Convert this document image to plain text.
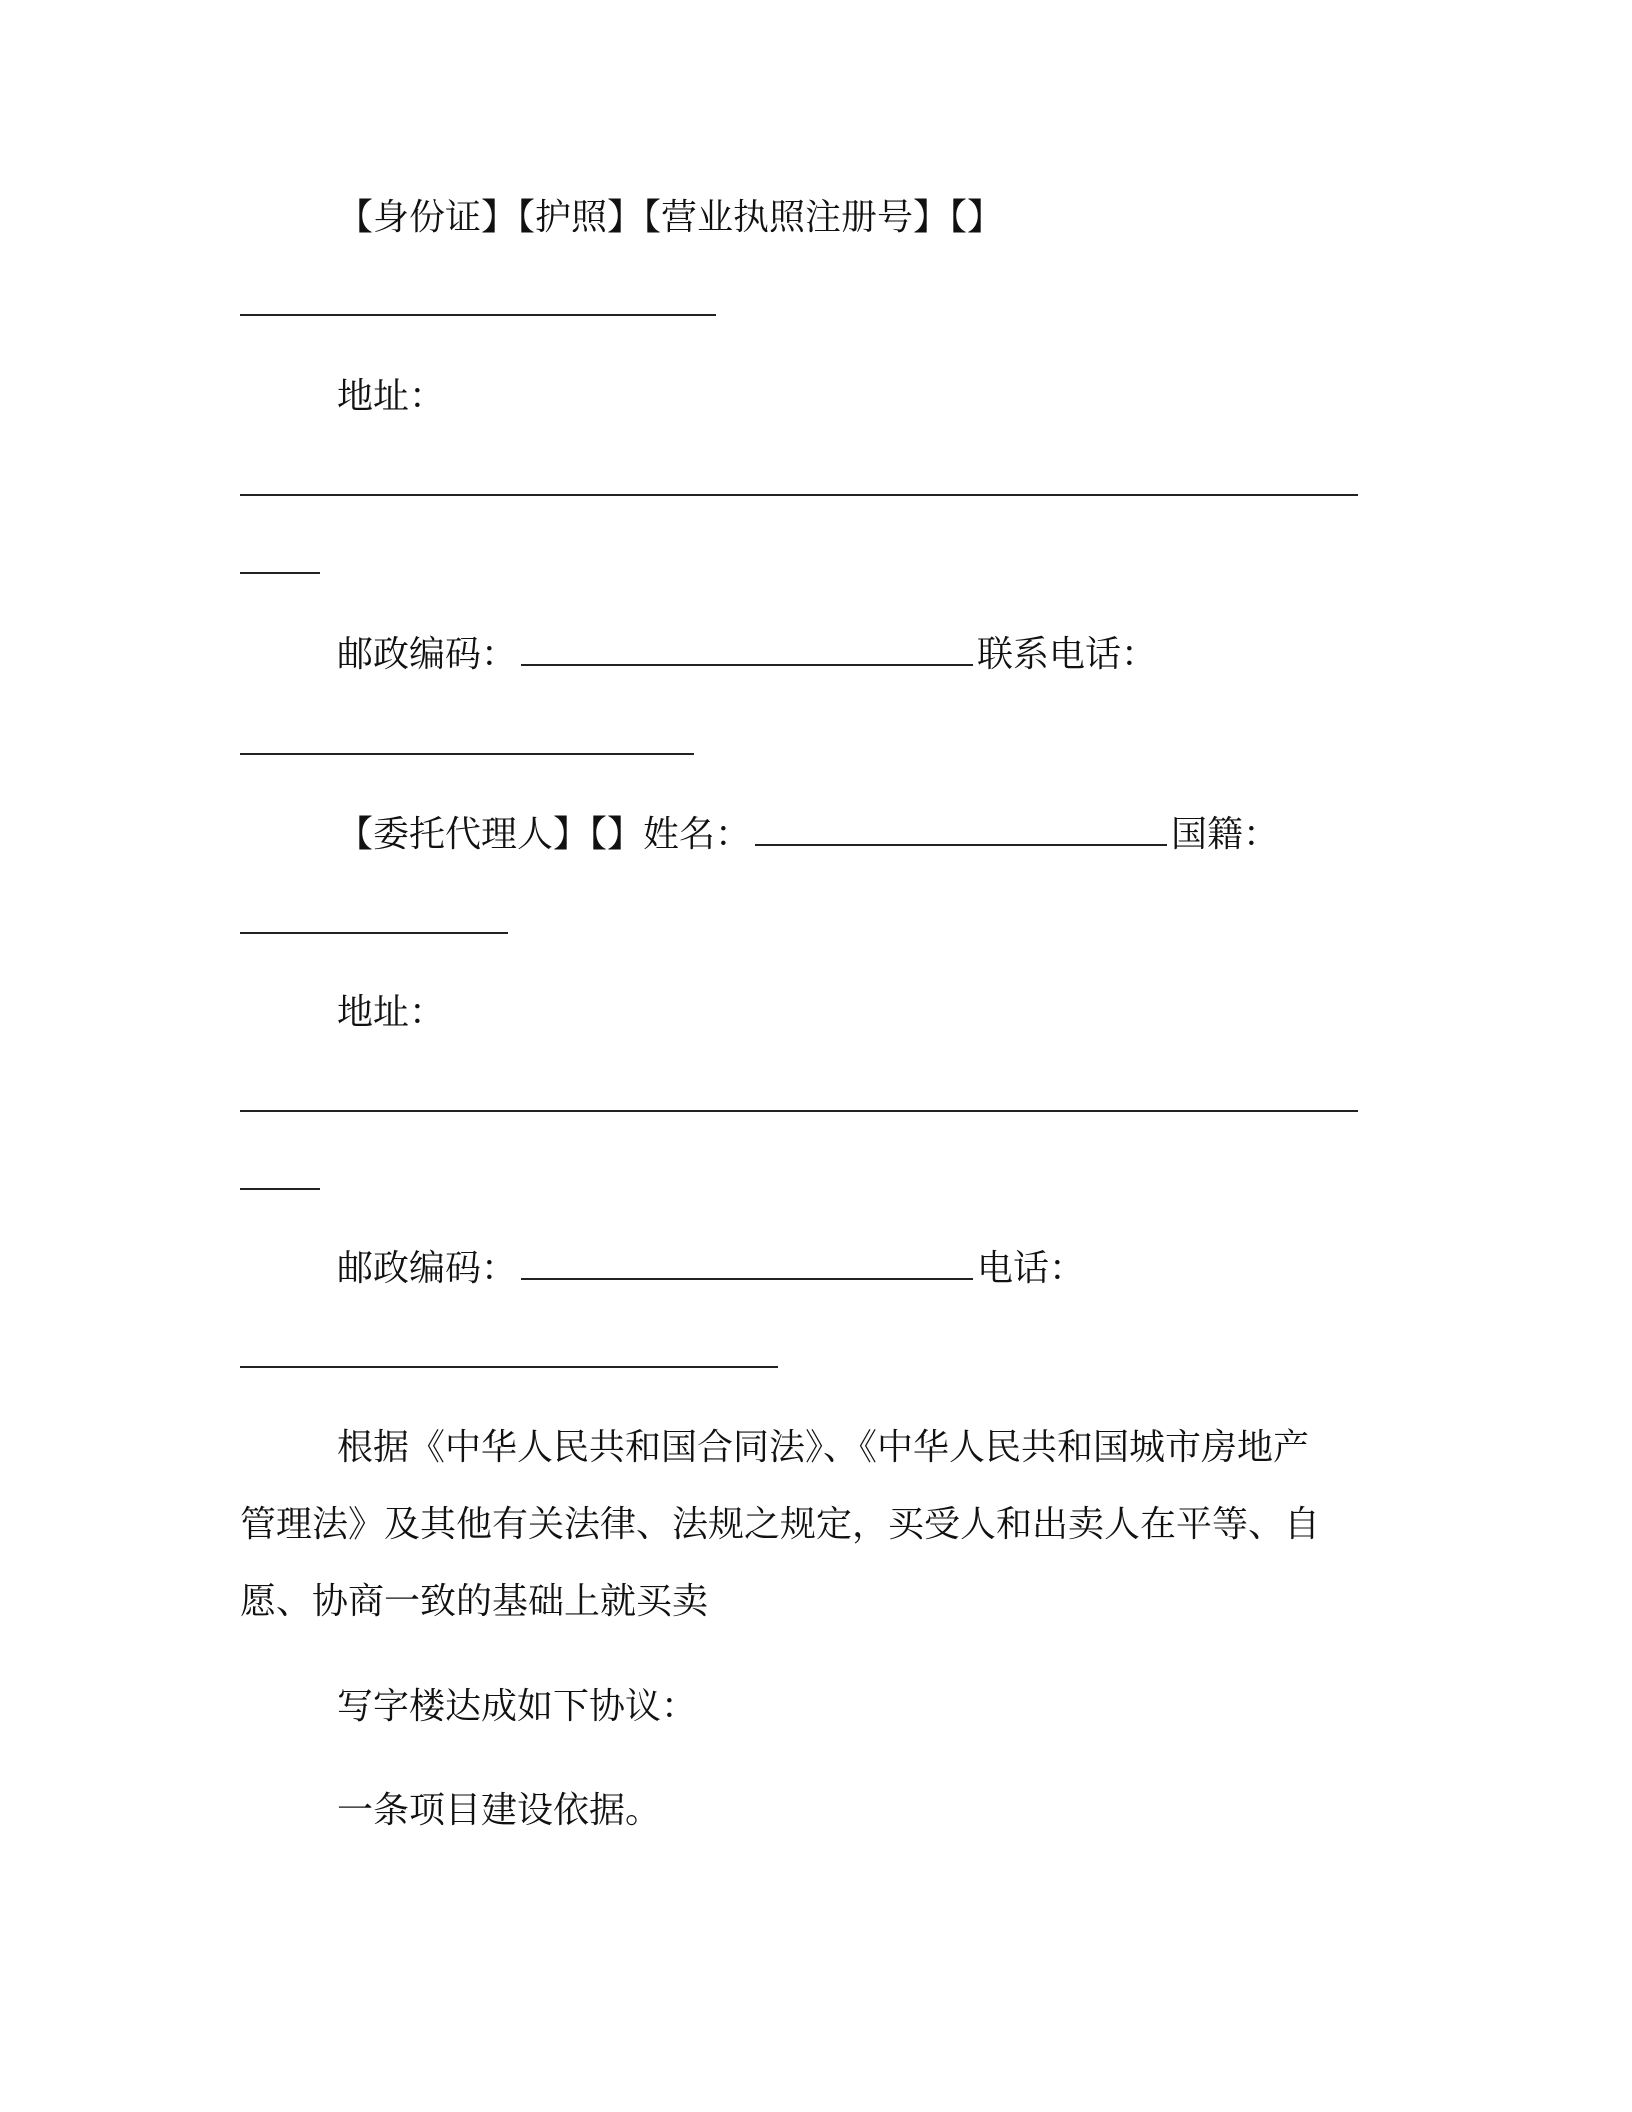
【身份证】【护照】【营业执照注册号】【】
地址：
邮政编码：	联系电话：
【委托代理人】【】姓名：	国籍：
地址：
邮政编码：	电话：
根据《中华人民共和国合同法》、《中华人民共和国城市房地产
管理法》及其他有关法律、法规之规定，买受人和出卖人在平等、自
愿、协商一致的基础上就买卖
写字楼达成如下协议：
一条项目建设依据。
